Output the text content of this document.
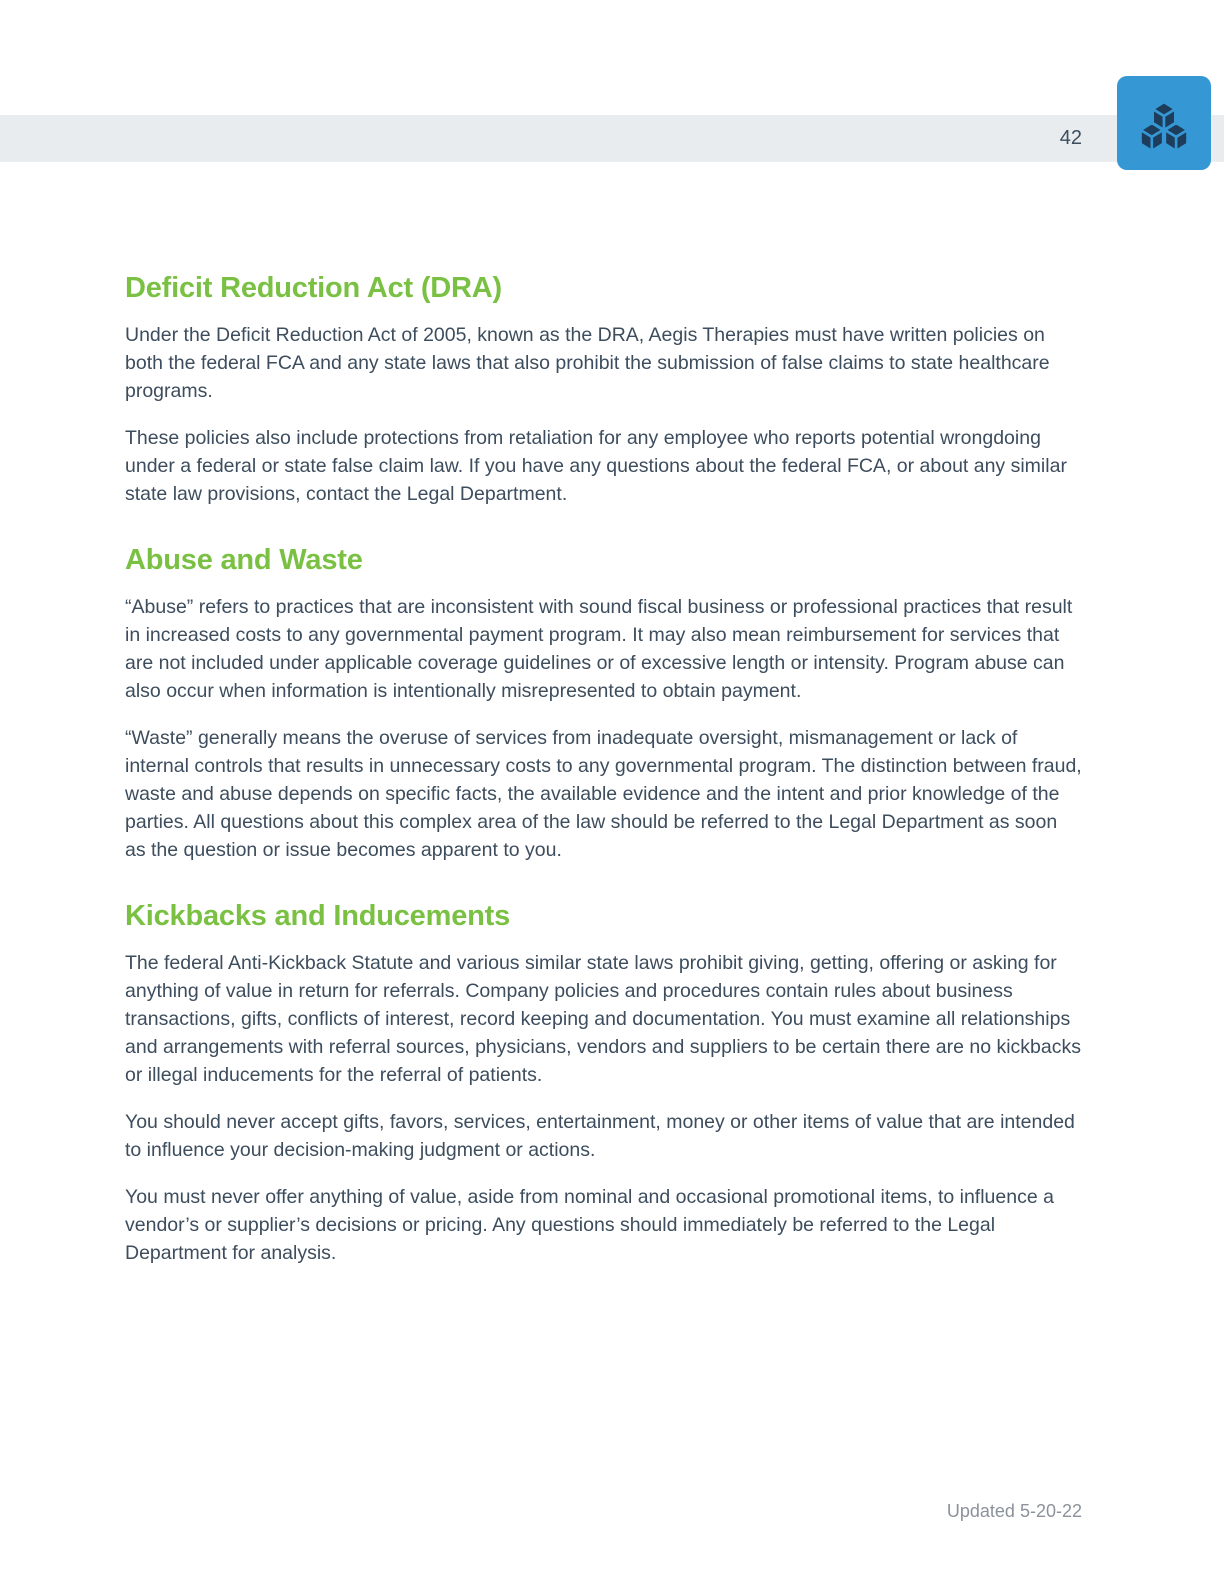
42
Deficit Reduction Act (DRA)

Under the Deficit Reduction Act of 2005, known as the DRA, Aegis Therapies must have written policies on both the federal FCA and any state laws that also prohibit the submission of false claims to state healthcare programs.

These policies also include protections from retaliation for any employee who reports potential wrongdoing under a federal or state false claim law. If you have any questions about the federal FCA, or about any similar state law provisions, contact the Legal Department.

Abuse and Waste

“Abuse” refers to practices that are inconsistent with sound fiscal business or professional practices that result in increased costs to any governmental payment program. It may also mean reimbursement for services that are not included under applicable coverage guidelines or of excessive length or intensity. Program abuse can also occur when information is intentionally misrepresented to obtain payment.

“Waste” generally means the overuse of services from inadequate oversight, mismanagement or lack of internal controls that results in unnecessary costs to any governmental program. The distinction between fraud, waste and abuse depends on specific facts, the available evidence and the intent and prior knowledge of the parties. All questions about this complex area of the law should be referred to the Legal Department as soon as the question or issue becomes apparent to you.

Kickbacks and Inducements

The federal Anti-Kickback Statute and various similar state laws prohibit giving, getting, offering or asking for anything of value in return for referrals. Company policies and procedures contain rules about business transactions, gifts, conflicts of interest, record keeping and documentation. You must examine all relationships and arrangements with referral sources, physicians, vendors and suppliers to be certain there are no kickbacks or illegal inducements for the referral of patients.

You should never accept gifts, favors, services, entertainment, money or other items of value that are intended to influence your decision-making judgment or actions.

You must never offer anything of value, aside from nominal and occasional promotional items, to influence a vendor’s or supplier’s decisions or pricing. Any questions should immediately be referred to the Legal Department for analysis.

Updated 5-20-22
